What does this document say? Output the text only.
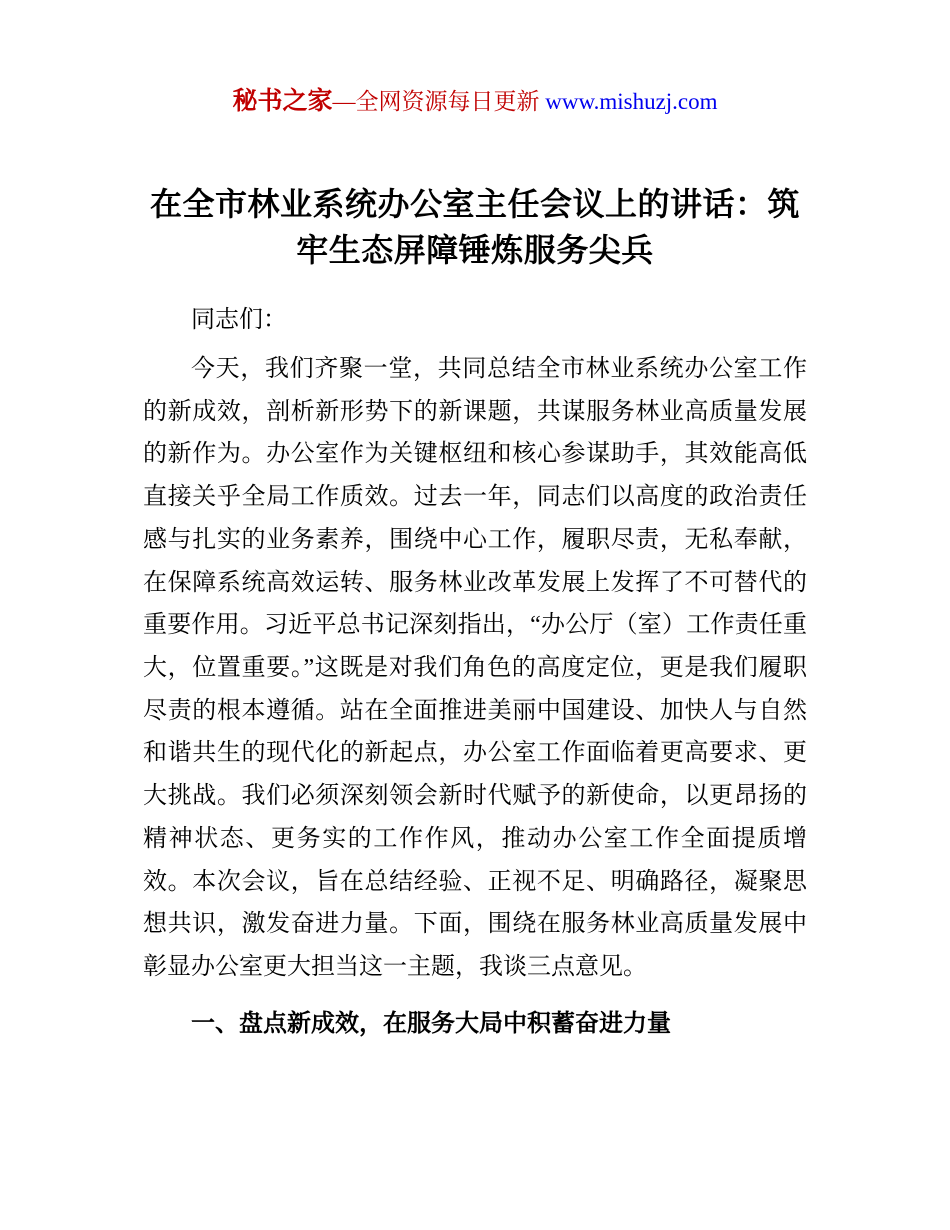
秘书之家—全网资源每日更新 www.mishuzj.com
在全市林业系统办公室主任会议上的讲话：筑牢生态屏障锤炼服务尖兵

同志们：

今天，我们齐聚一堂，共同总结全市林业系统办公室工作的新成效，剖析新形势下的新课题，共谋服务林业高质量发展的新作为。办公室作为关键枢纽和核心参谋助手，其效能高低直接关乎全局工作质效。过去一年，同志们以高度的政治责任感与扎实的业务素养，围绕中心工作，履职尽责，无私奉献，在保障系统高效运转、服务林业改革发展上发挥了不可替代的重要作用。习近平总书记深刻指出，“办公厅（室）工作责任重大，位置重要。”这既是对我们角色的高度定位，更是我们履职尽责的根本遵循。站在全面推进美丽中国建设、加快人与自然和谐共生的现代化的新起点，办公室工作面临着更高要求、更大挑战。我们必须深刻领会新时代赋予的新使命，以更昂扬的精神状态、更务实的工作作风，推动办公室工作全面提质增效。本次会议，旨在总结经验、正视不足、明确路径，凝聚思想共识，激发奋进力量。下面，围绕在服务林业高质量发展中彰显办公室更大担当这一主题，我谈三点意见。

一、盘点新成效，在服务大局中积蓄奋进力量
